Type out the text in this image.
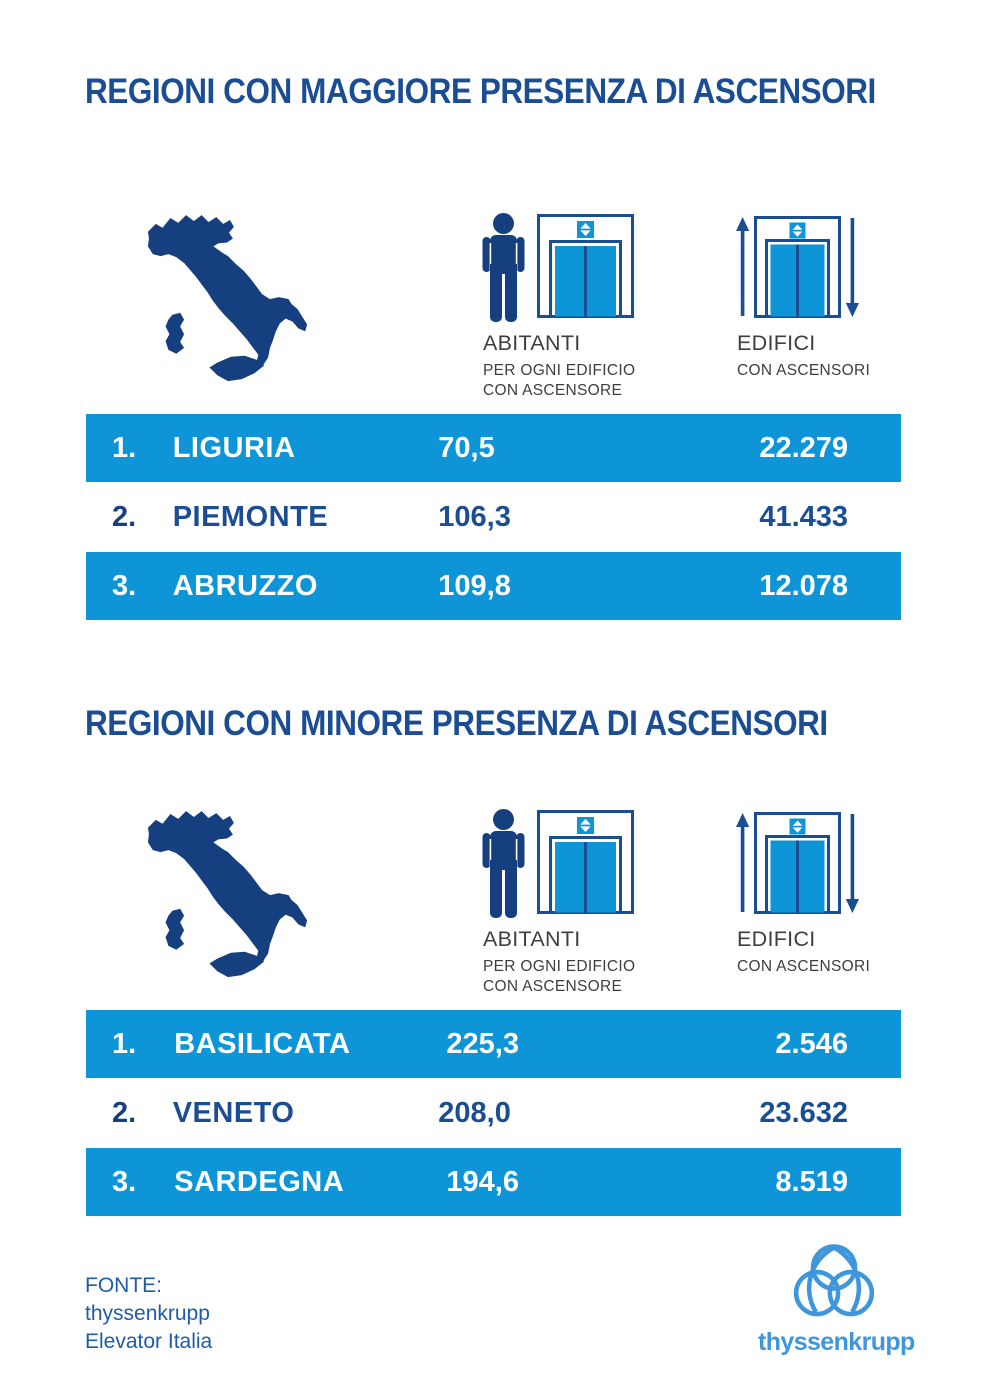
REGIONI CON MAGGIORE PRESENZA DI ASCENSORI
ABITANTI
PER OGNI EDIFICIO
CON ASCENSORE
EDIFICI
CON ASCENSORI
1.	LIGURIA	70,5	22.279
2.	PIEMONTE	106,3	41.433
3.	ABRUZZO	109,8	12.078
REGIONI CON MINORE PRESENZA DI ASCENSORI
ABITANTI
PER OGNI EDIFICIO
CON ASCENSORE
EDIFICI
CON ASCENSORI
1.	BASILICATA	225,3	2.546
2.	VENETO	208,0	23.632
3.	SARDEGNA	194,6	8.519
FONTE:
thyssenkrupp
Elevator Italia	thyssenkrupp
